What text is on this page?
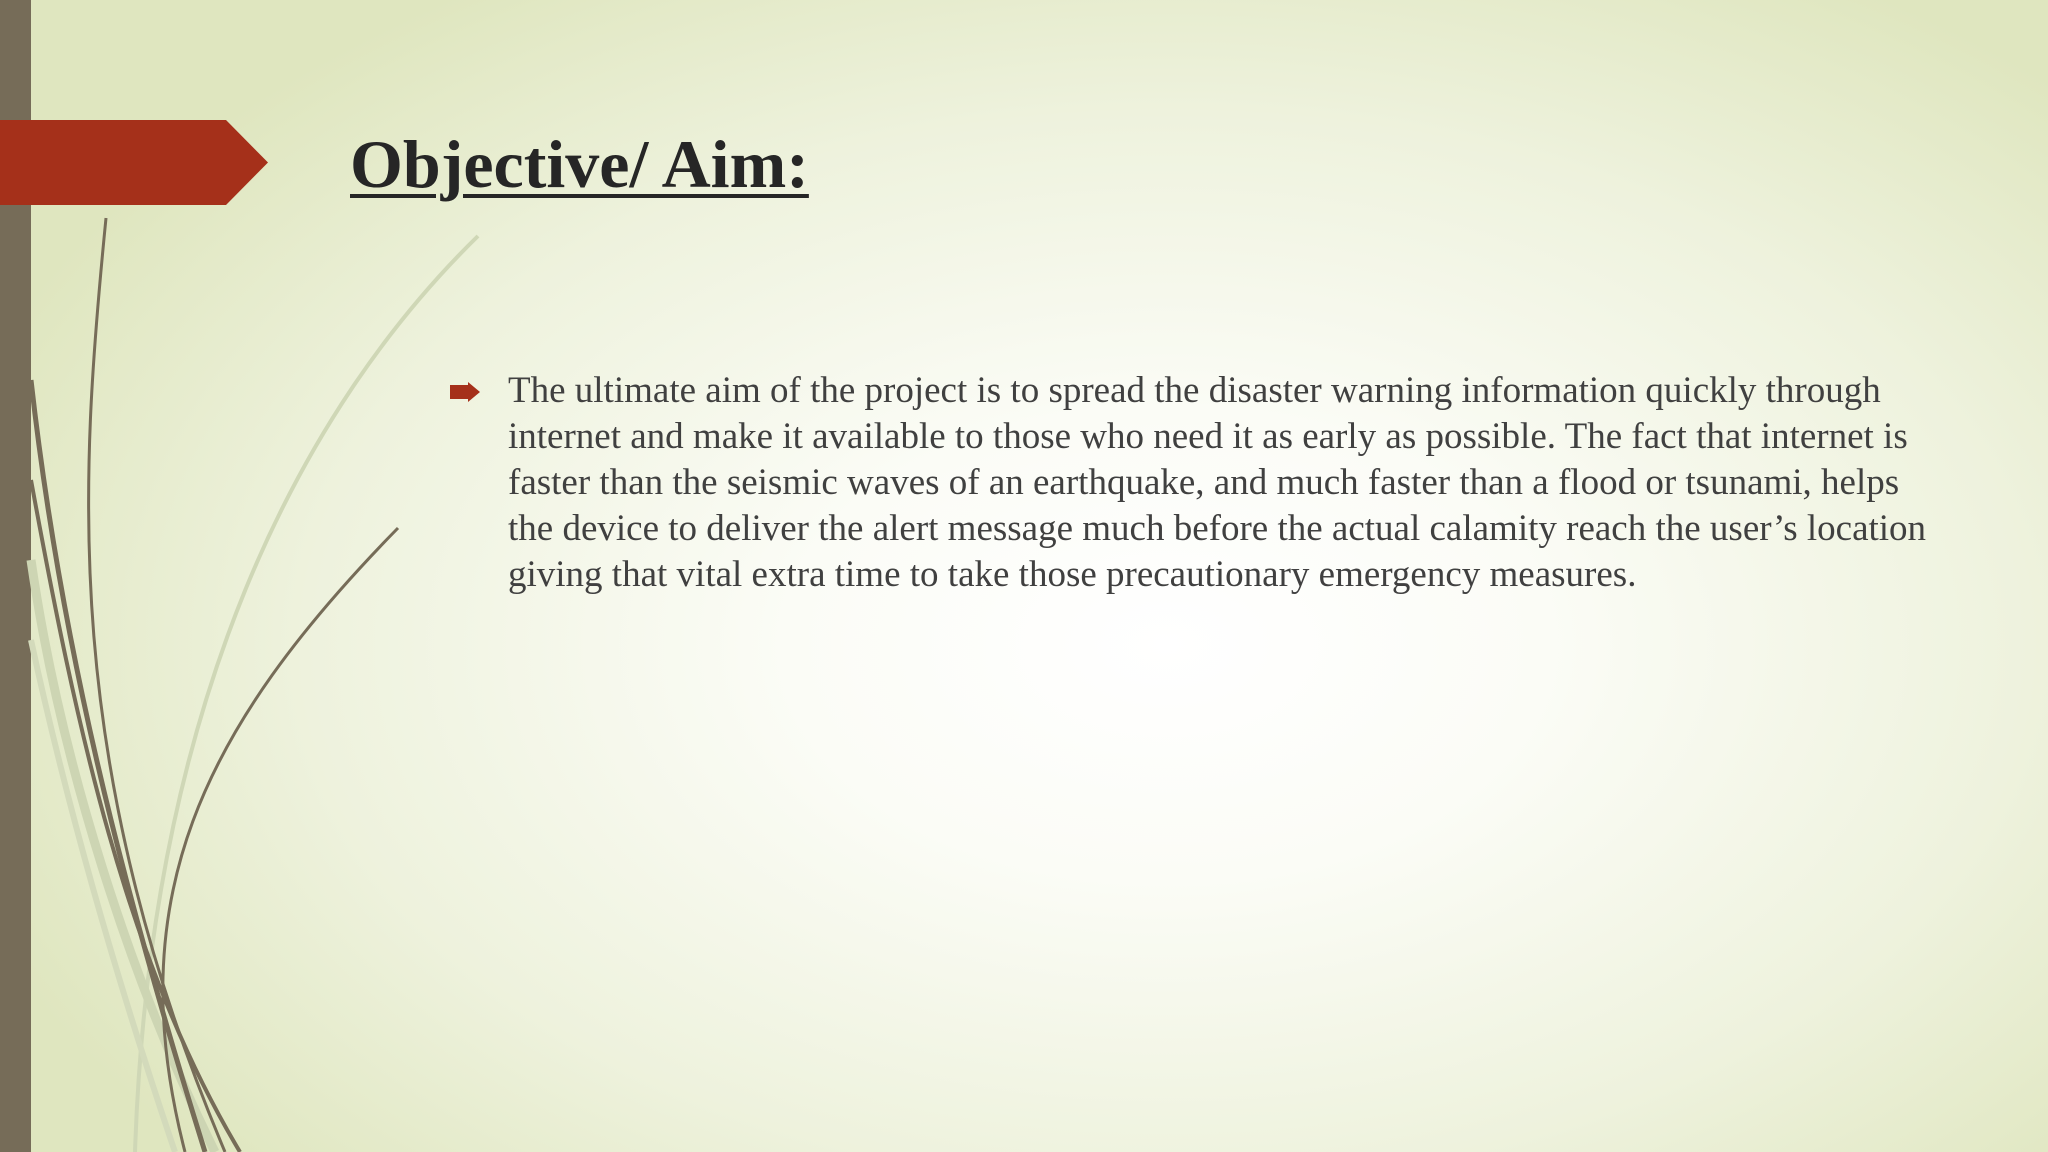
Objective/ Aim:
The ultimate aim of the project is to spread the disaster warning information quickly through internet and make it available to those who need it as early as possible. The fact that internet is faster than the seismic waves of an earthquake, and much faster than a flood or tsunami, helps the device to deliver the alert message much before the actual calamity reach the user’s location giving that vital extra time to take those precautionary emergency measures.
